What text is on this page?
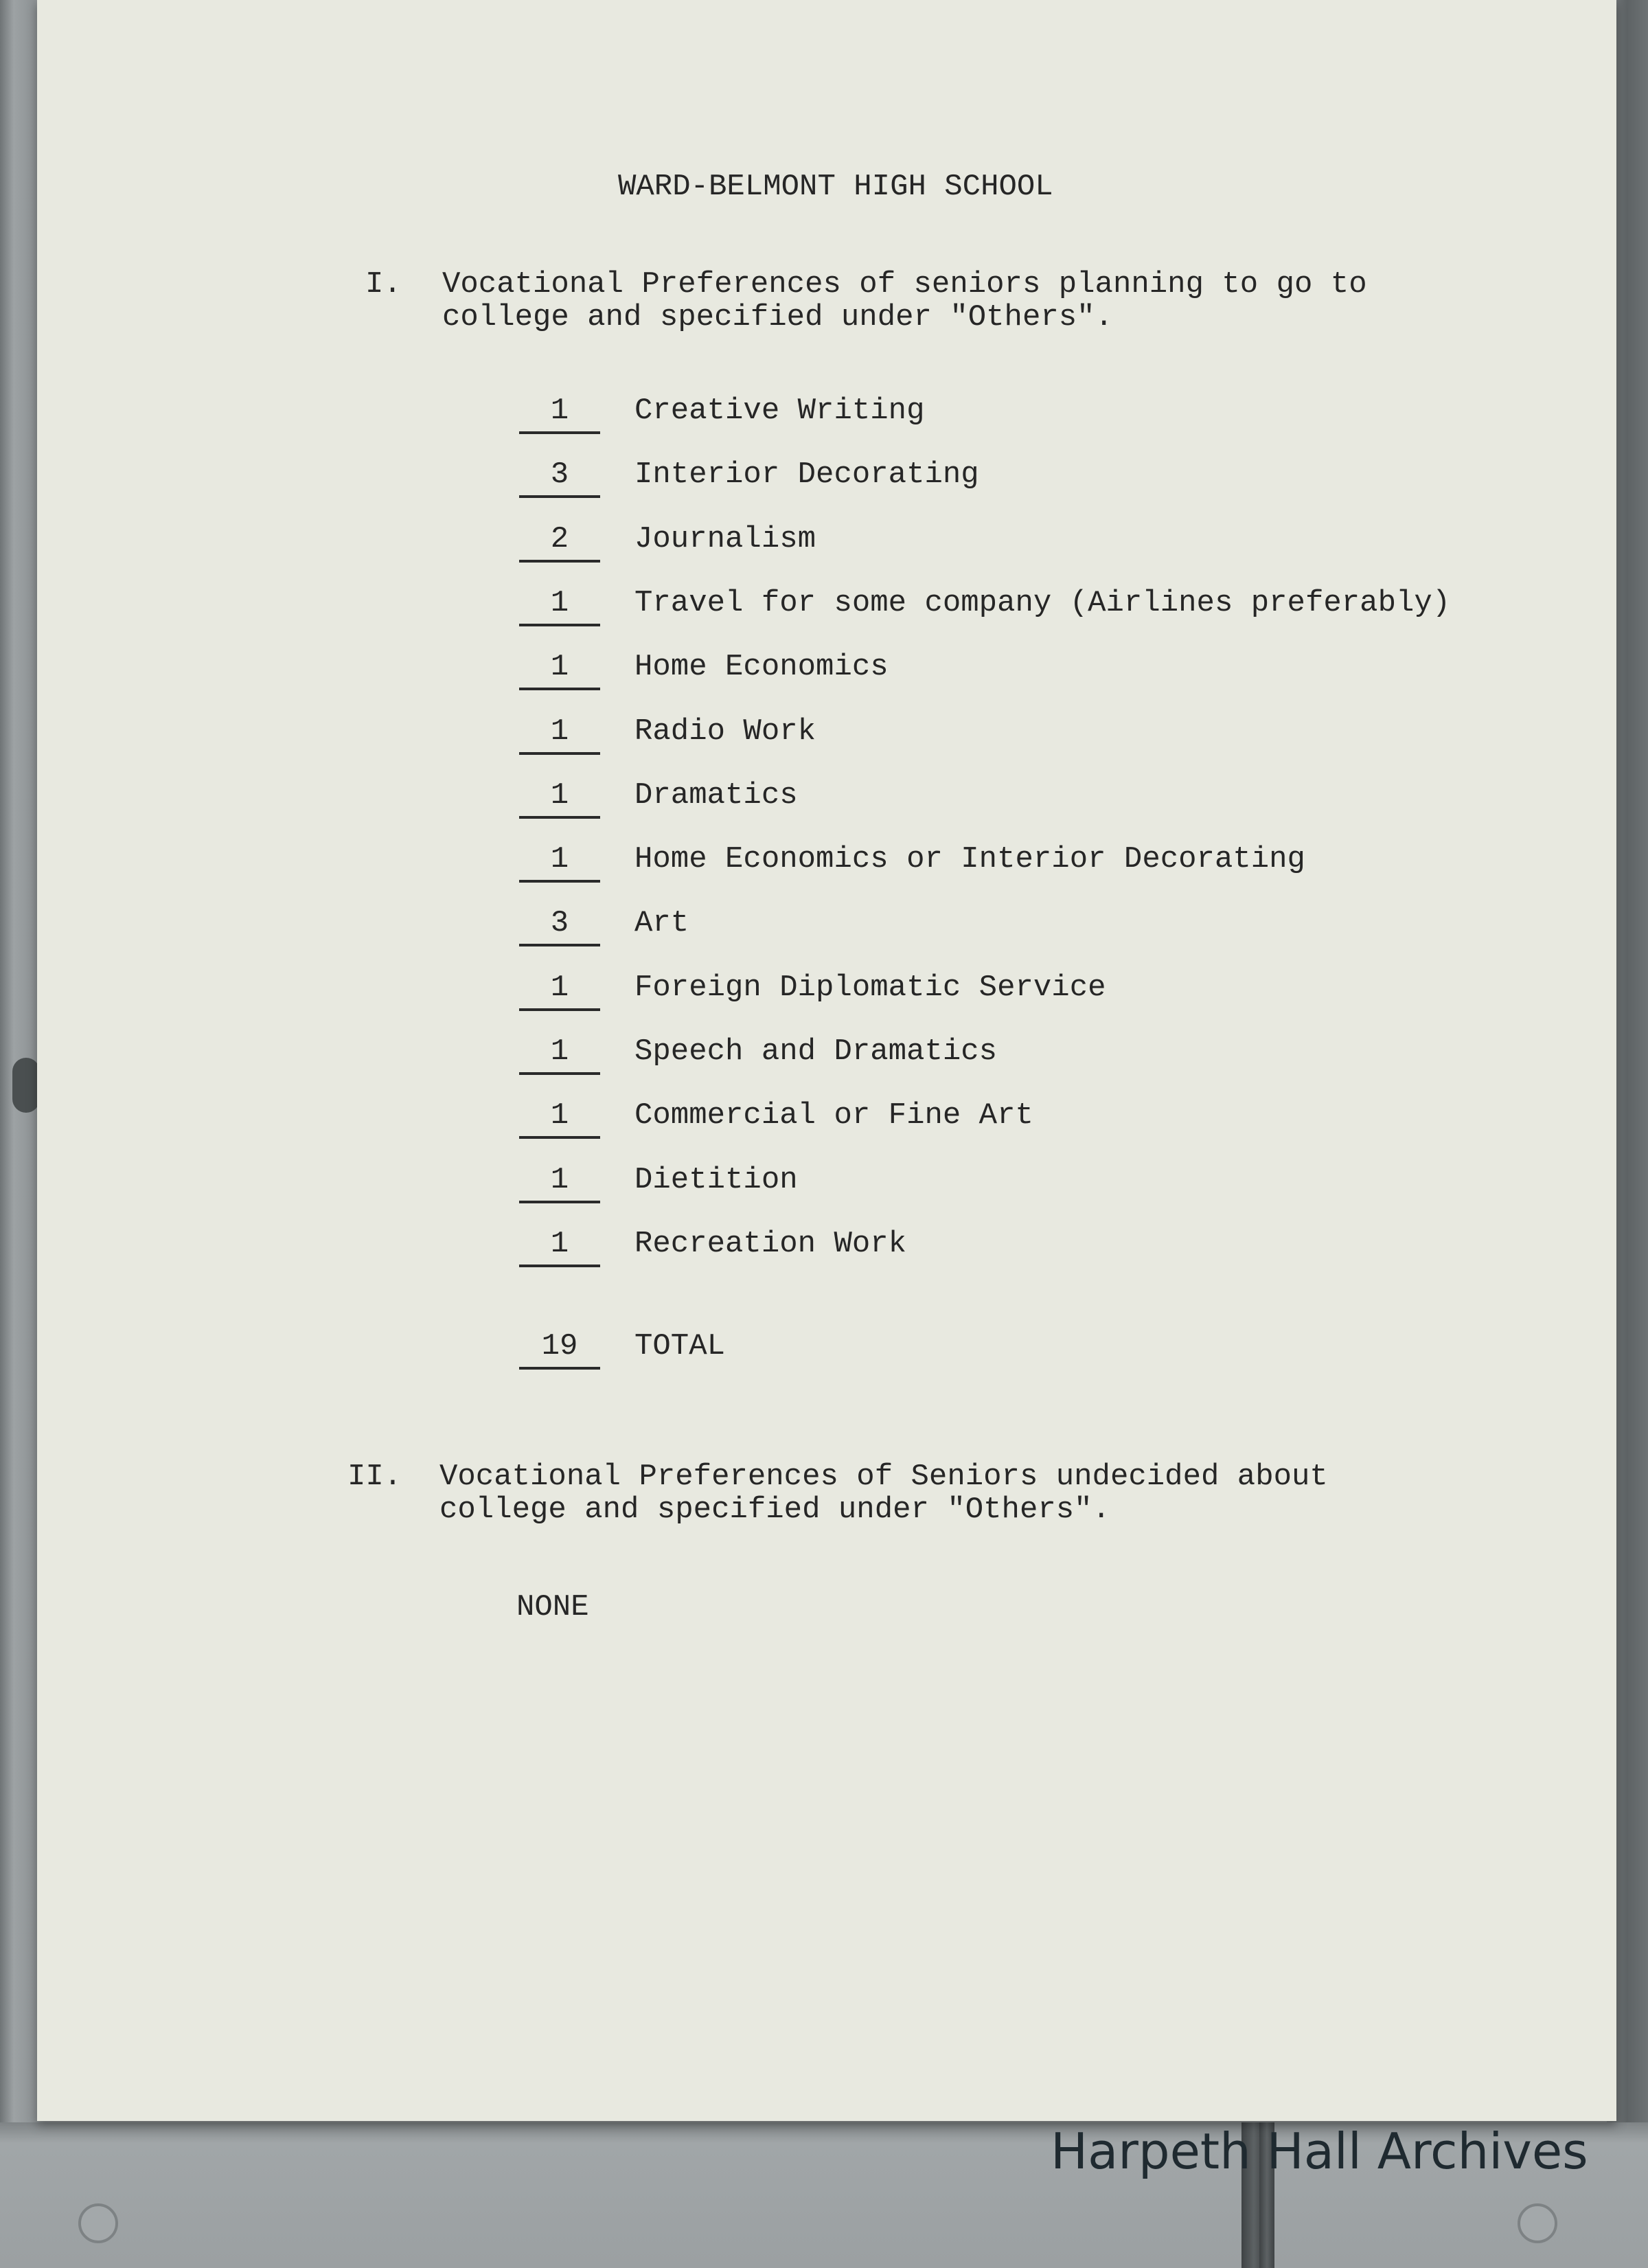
WARD-BELMONT HIGH SCHOOL
I. Vocational Preferences of seniors planning to go to
college and specified under "Others".
1	Creative Writing
3	Interior Decorating
2	Journalism
1	Travel for some company (Airlines preferably)
1	Home Economics
1	Radio Work
1	Dramatics
1	Home Economics or Interior Decorating
3	Art
1	Foreign Diplomatic Service
1	Speech and Dramatics
1	Commercial or Fine Art
1	Dietition
1	Recreation Work
19	TOTAL
II. Vocational Preferences of Seniors undecided about
college and specified under "Others".
NONE
Harpeth Hall Archives
